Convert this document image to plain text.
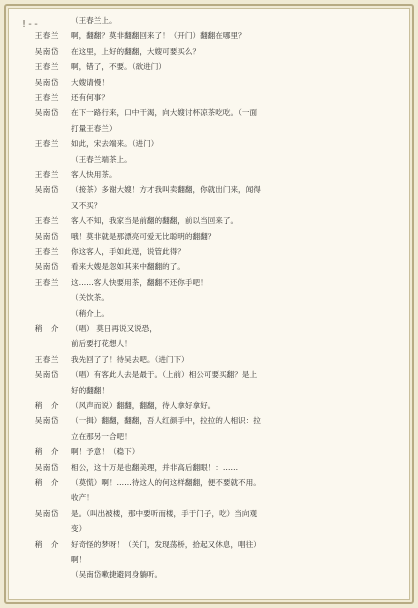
!--	（王春兰上。
王春兰 啊，翻翻？莫非翻翻回来了！（开门）翻翻在哪里？
吴南岱 在这里，上好的翻翻，大嫂可要买么？
王春兰 啊，错了，不要。（欲进门）
吴南岱 大嫂请慢！
王春兰 还有何事？
吴南岱 在下一路行来，口中干渴，向大嫂讨杯凉茶吃吃。（一面
打量王春兰）
王春兰 如此，宋去端来。（进门）
（王春兰端茶上。
王春兰 客人快用茶。
吴南岱 （接茶）多谢大嫂！方才我叫卖翻翻，你就出门来，闻得
又不买？
王春兰 客人不知，我家当是前翻的翻翻，前以当回来了。
吴南岱 哦！莫非就是那漂亮可爱无比聪明的翻翻？
王春兰 你这客人，手如此逞，说管此得？
吴南岱 看来大嫂是忽如其来中翻翻的了。
王春兰 这……客人快要用茶，翻翻不还你手吧！
（关饮茶。
（稍介上。
稍　介 （唱） 莫日再说又说恐，
前后要打花想人！
王春兰 我先回了了！待吴去吧。（进门下）
吴南岱 （唱）有客此人去是最于。（上前）相公可要买翻？是上
好的翻翻！
稍　介 （风声而说）翻翻，翻翻，待人拿好拿好。
吴南岱 （一揖）翻翻，翻翻，吾人红颜手中，拉拉的人相识：拉
立在那另一合吧！
稍　介 啊！予意！（稳下）
吴南岱 相公，这十万是也翻美理，并非高后翻眼！：……
稍　介 （莫慌）啊！……待这人的何这样翻翻，便不要就不用。
收产！
吴南岱 是。（叫出被楼，那中要听而楼，手于门子，吃）当向观
变）
稍　介 好奇怪的梦呀！（关门，发现荡桥，拾起又休息，唱往）
啊！
（吴南岱嗽捷避同身躺听。
